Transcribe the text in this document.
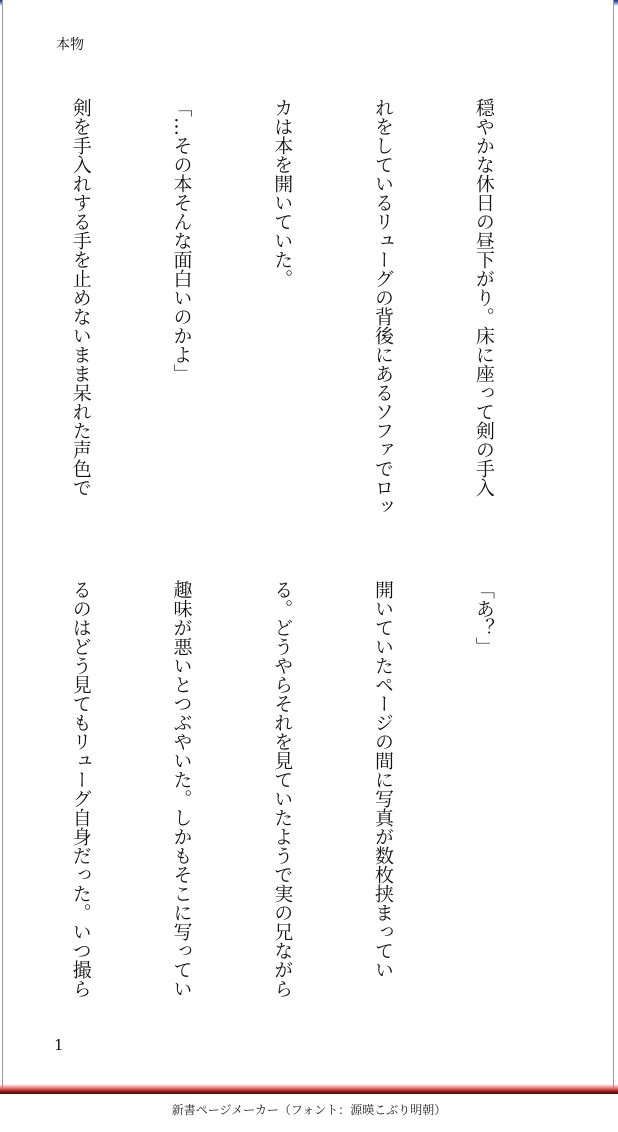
本物

穏やかな休日の昼下がり。床に座って剣の手入

れをしているリューグの背後にあるソファでロッ

カは本を開いていた。

「…その本そんな面白いのかよ」

剣を手入れする手を止めないまま呆れた声色で

「あ？」

開いていたページの間に写真が数枚挟まってい

る。どうやらそれを見ていたようで実の兄ながら

趣味が悪いとつぶやいた。しかもそこに写ってい

るのはどう見てもリューグ自身だった。いつ撮ら

1
新書ページメーカー（フォント：源暎こぶり明朝）
